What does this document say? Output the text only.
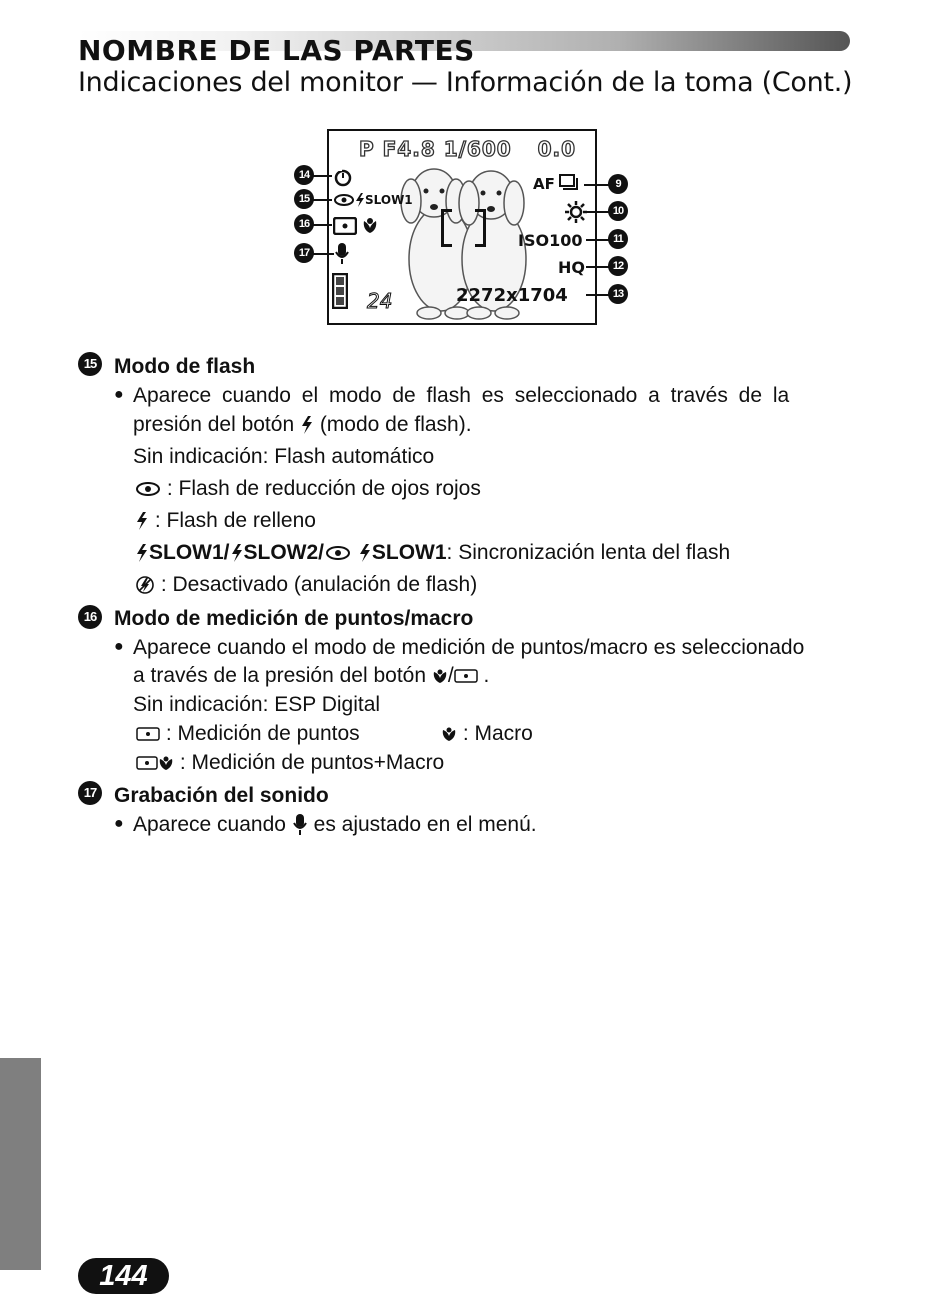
NOMBRE DE LAS PARTES
Indicaciones del monitor — Información de la toma (Cont.)
P F4.8 1/600 0.0
SLOW1
24
AF
ISO100
HQ
2272x1704
14
15
16
17
9
10
11
12
13
15 Modo de flash
● Aparece cuando el modo de flash es seleccionado a través de la
presión del botón (modo de flash).
Sin indicación: Flash automático
: Flash de reducción de ojos rojos
: Flash de relleno
SLOW1/ SLOW2/ SLOW1: Sincronización lenta del flash
: Desactivado (anulación de flash)
16 Modo de medición de puntos/macro
● Aparece cuando el modo de medición de puntos/macro es seleccionado
a través de la presión del botón / .
Sin indicación: ESP Digital
: Medición de puntos	: Macro
: Medición de puntos+Macro
17 Grabación del sonido
● Aparece cuando es ajustado en el menú.
144
